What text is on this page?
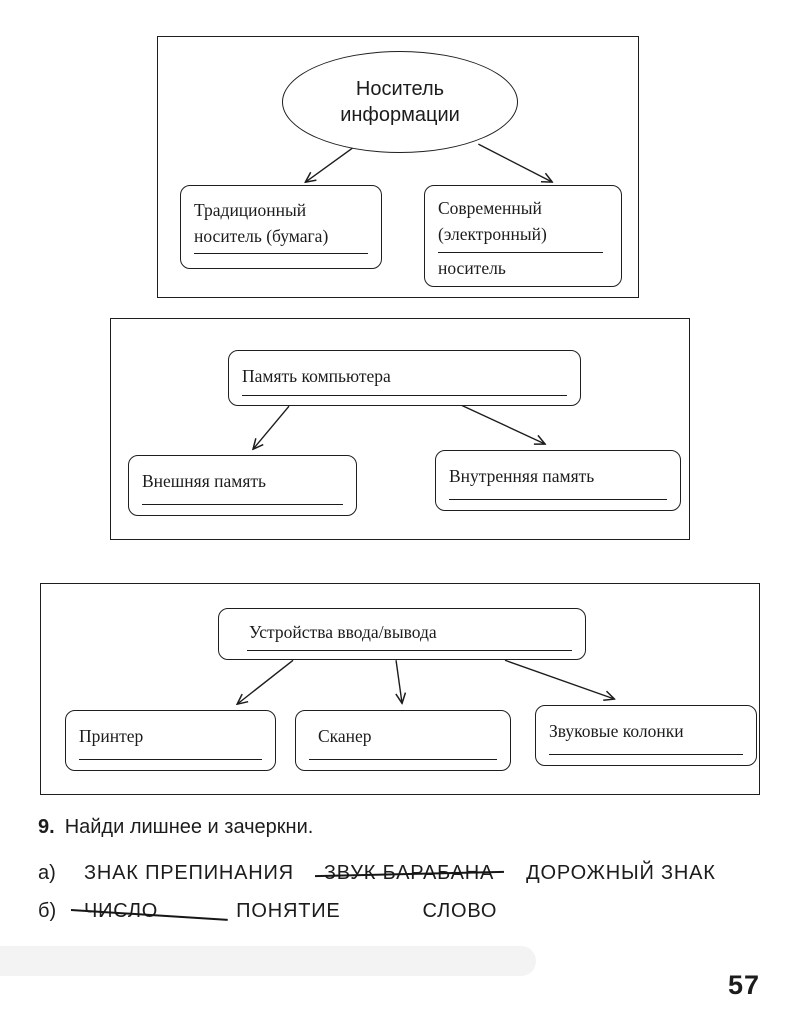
Носитель информации
Традиционный носитель (бумага)
Современный (электронный)
носитель
Память компьютера
Внешняя память	Внутренняя память
Устройства ввода/вывода
Принтер	Сканер	Звуковые колонки
9. Найди лишнее и зачеркни.
а)	ЗНАК ПРЕПИНАНИЯ ЗВУК БАРАБАНА ДОРОЖНЫЙ ЗНАК
б)	ЧИСЛО	ПОНЯТИЕ	СЛОВО
57
